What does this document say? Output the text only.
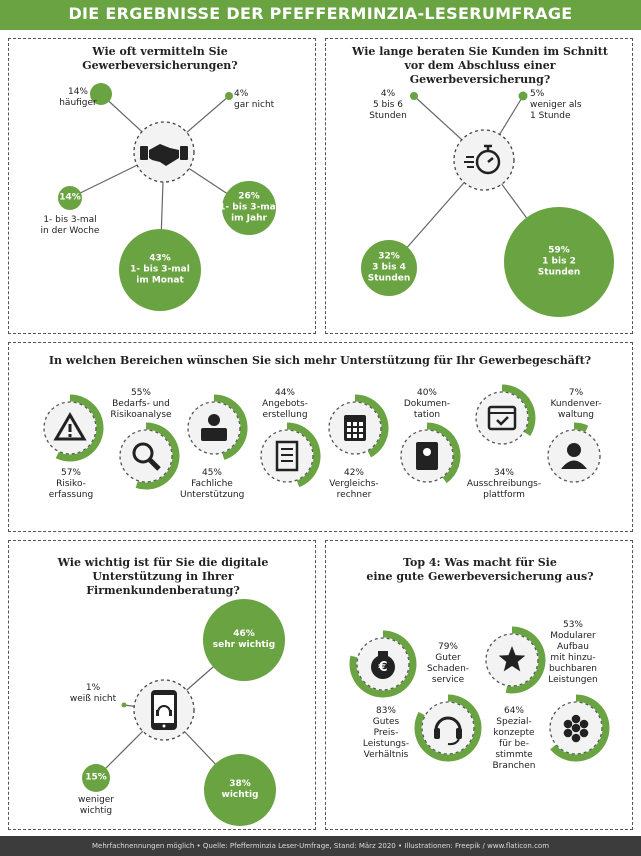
DIE ERGEBNISSE DER PFEFFERMINZIA-LESERUMFRAGE
Wie oft vermitteln Sie
Gewerbeversicherungen?
14%
häufiger
4%
gar nicht
14%
1- bis 3-mal
in der Woche
26%
1- bis 3-mal
im Jahr
43%
1- bis 3-mal
im Monat
Wie lange beraten Sie Kunden im Schnitt
vor dem Abschluss einer Gewerbeversicherung?
4%
5 bis 6
Stunden
5%
weniger als
1 Stunde
32%
3 bis 4
Stunden
59%
1 bis 2
Stunden
In welchen Bereichen wünschen Sie sich mehr Unterstützung für Ihr Gewerbegeschäft?
57%
Risiko-
erfassung
55%
Bedarfs- und
Risikoanalyse
45%
Fachliche
Unterstützung
44%
Angebots-
erstellung
42%
Vergleichs-
rechner
40%
Dokumen-
tation
34%
Ausschreibungs-
plattform
7%
Kundenver-
waltung
Wie wichtig ist für Sie die digitale
Unterstützung in Ihrer Firmenkundenberatung?
46%
sehr wichtig
1%
weiß nicht
15%
weniger
wichtig
38%
wichtig
Top 4: Was macht für Sie
eine gute Gewerbeversicherung aus?
€
79%
Guter
Schaden-
service
53%
Modularer
Aufbau
mit hinzu-
buchbaren
Leistungen
83%
Gutes
Preis-
Leistungs-
Verhältnis
64%
Spezial-
konzepte
für be-
stimmte
Branchen
Mehrfachnennungen möglich • Quelle: Pfefferminzia Leser-Umfrage, Stand: März 2020 • Illustrationen: Freepik / www.flaticon.com
